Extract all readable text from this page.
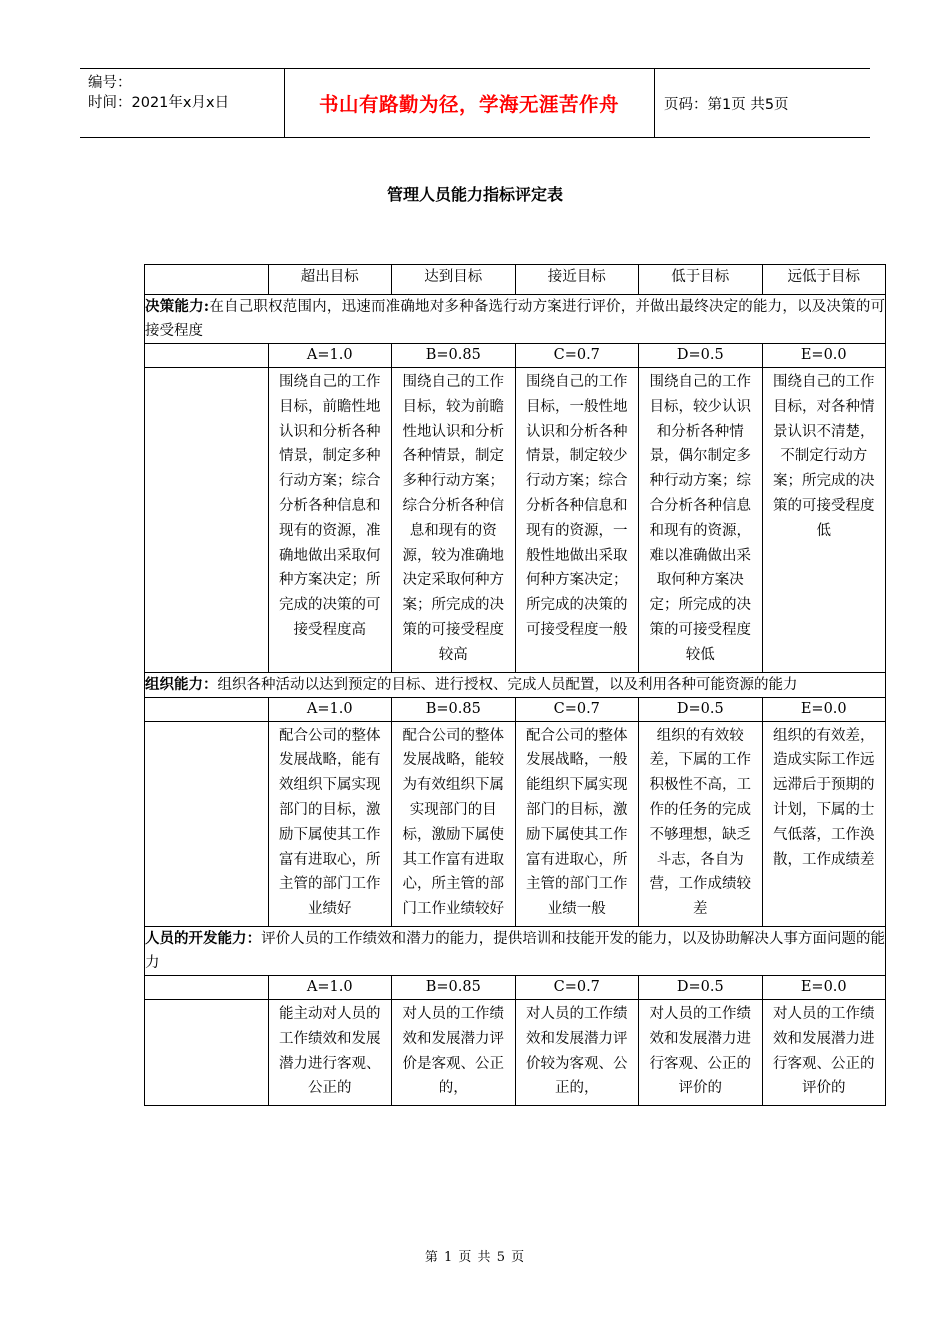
编号：
时间：2021年x月x日	书山有路勤为径，学海无涯苦作舟	页码：第1页 共5页
管理人员能力指标评定表
	超出目标	达到目标	接近目标	低于目标	远低于目标
决策能力:在自己职权范围内，迅速而准确地对多种备选行动方案进行评价，并做出最终决定的能力，以及决策的可接受程度					
	A=1.0	B=0.85	C=0.7	D=0.5	E=0.0
	围绕自己的工作目标，前瞻性地认识和分析各种情景，制定多种行动方案；综合分析各种信息和现有的资源，准确地做出采取何种方案决定；所完成的决策的可接受程度高	围绕自己的工作目标，较为前瞻性地认识和分析各种情景，制定多种行动方案；综合分析各种信息和现有的资源，较为准确地决定采取何种方案；所完成的决策的可接受程度较高	围绕自己的工作目标，一般性地认识和分析各种情景，制定较少行动方案；综合分析各种信息和现有的资源，一般性地做出采取何种方案决定；所完成的决策的可接受程度一般	围绕自己的工作目标，较少认识和分析各种情景，偶尔制定多种行动方案；综合分析各种信息和现有的资源，难以准确做出采取何种方案决定；所完成的决策的可接受程度较低	围绕自己的工作目标，对各种情景认识不清楚，不制定行动方案；所完成的决策的可接受程度低
组织能力：组织各种活动以达到预定的目标、进行授权、完成人员配置，以及利用各种可能资源的能力					
	A=1.0	B=0.85	C=0.7	D=0.5	E=0.0
	配合公司的整体发展战略，能有效组织下属实现部门的目标，激励下属使其工作富有进取心，所主管的部门工作业绩好	配合公司的整体发展战略，能较为有效组织下属实现部门的目标，激励下属使其工作富有进取心，所主管的部门工作业绩较好	配合公司的整体发展战略，一般能组织下属实现部门的目标，激励下属使其工作富有进取心，所主管的部门工作业绩一般	组织的有效较差，下属的工作积极性不高，工作的任务的完成不够理想，缺乏斗志，各自为营，工作成绩较差	组织的有效差，造成实际工作远远滞后于预期的计划，下属的士气低落，工作涣散，工作成绩差
人员的开发能力：评价人员的工作绩效和潜力的能力，提供培训和技能开发的能力，以及协助解决人事方面问题的能力					
	A=1.0	B=0.85	C=0.7	D=0.5	E=0.0
	能主动对人员的工作绩效和发展潜力进行客观、公正的	对人员的工作绩效和发展潜力评价是客观、公正的，	对人员的工作绩效和发展潜力评价较为客观、公正的，	对人员的工作绩效和发展潜力进行客观、公正的评价的	对人员的工作绩效和发展潜力进行客观、公正的评价的
第 1 页 共 5 页
